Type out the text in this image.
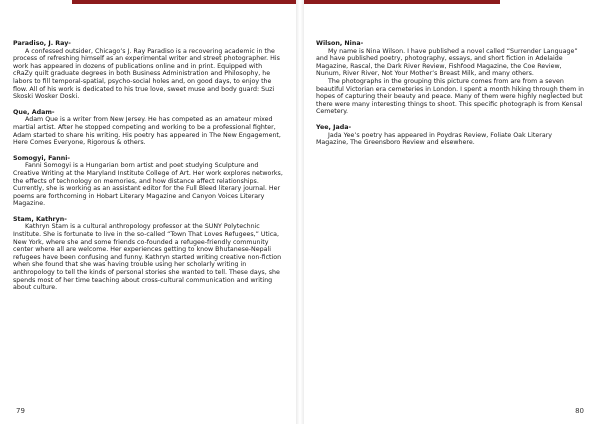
Paradiso, J. Ray-

A confessed outsider, Chicago’s J. Ray Paradiso is a recovering academic in the process of refreshing himself as an experimental writer and street photographer. His work has appeared in dozens of publications online and in print. Equipped with cRaZy quilt graduate degrees in both Business Administration and Philosophy, he labors to fill temporal-spatial, psycho-social holes and, on good days, to enjoy the flow. All of his work is dedicated to his true love, sweet muse and body guard: Suzi Skoski Wosker Doski.

Que, Adam-

Adam Que is a writer from New Jersey. He has competed as an amateur mixed martial artist. After he stopped competing and working to be a professional fighter, Adam started to share his writing. His poetry has appeared in The New Engagement, Here Comes Everyone, Rigorous & others.

Somogyi, Fanni-

Fanni Somogyi is a Hungarian born artist and poet studying Sculpture and Creative Writing at the Maryland Institute College of Art. Her work explores networks, the effects of technology on memories, and how distance affect relationships. Currently, she is working as an assistant editor for the Full Bleed literary journal. Her poems are forthcoming in Hobart Literary Magazine and Canyon Voices Literary Magazine.

Stam, Kathryn-

Kathryn Stam is a cultural anthropology professor at the SUNY Polytechnic Institute. She is fortunate to live in the so-called “Town That Loves Refugees,” Utica, New York, where she and some friends co-founded a refugee-friendly community center where all are welcome. Her experiences getting to know Bhutanese-Nepali refugees have been confusing and funny. Kathryn started writing creative non-fiction when she found that she was having trouble using her scholarly writing in anthropology to tell the kinds of personal stories she wanted to tell. These days, she spends most of her time teaching about cross-cultural communication and writing about culture.

79

Wilson, Nina-

My name is Nina Wilson. I have published a novel called “Surrender Language” and have published poetry, photography, essays, and short fiction in Adelaide Magazine, Rascal, the Dark River Review, Fishfood Magazine, the Coe Review, Nunum, River River, Not Your Mother’s Breast Milk, and many others.

The photographs in the grouping this picture comes from are from a seven beautiful Victorian era cemeteries in London. I spent a month hiking through them in hopes of capturing their beauty and peace. Many of them were highly neglected but there were many interesting things to shoot. This specific photograph is from Kensal Cemetery.

Yee, Jada-

Jada Yee’s poetry has appeared in Poydras Review, Foliate Oak Literary Magazine, The Greensboro Review and elsewhere.

80
